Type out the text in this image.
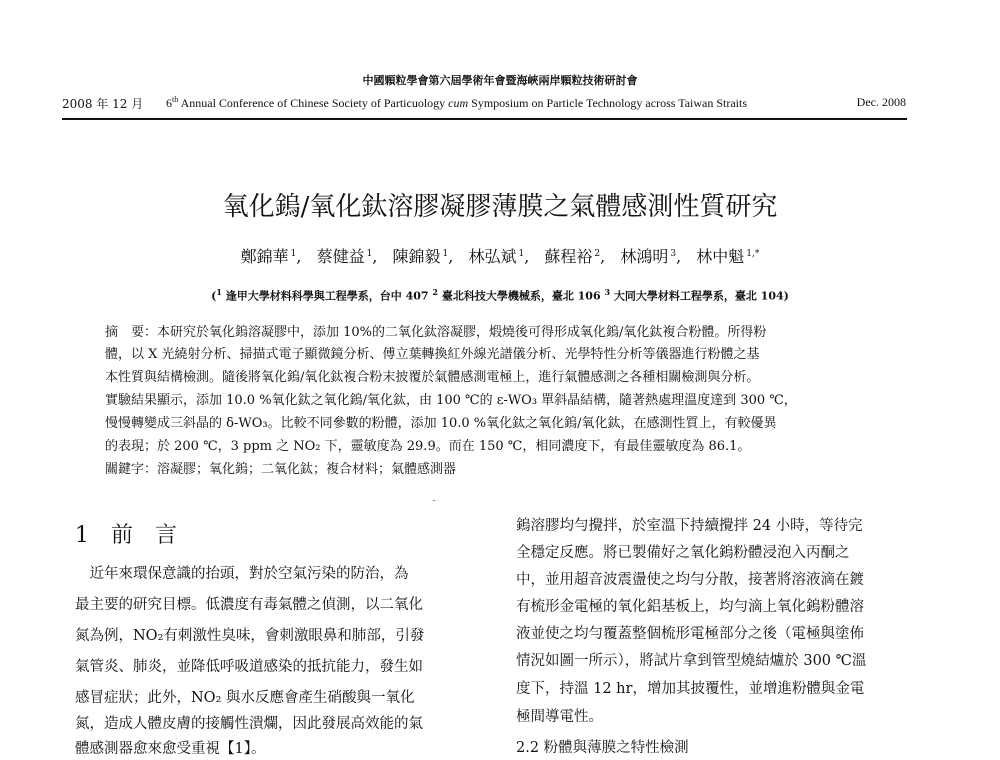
中國顆粒學會第六屆學術年會暨海峽兩岸顆粒技術研討會
2008 年 12 月 6th Annual Conference of Chinese Society of Particuology cum Symposium on Particle Technology across Taiwan Straits	Dec. 2008
氧化鎢/氧化鈦溶膠凝膠薄膜之氣體感測性質研究
鄭錦華 $^1$, 蔡健益 $^1$, 陳錦毅 $^1$, 林弘斌 $^1$, 蘇程裕 $^2$, 林鴻明 $^3$, 林中魁 $^{1,*}$
($^1$ 逢甲大學材料科學與工程學系，台中 407 $^2$ 臺北科技大學機械系，臺北 106 $^3$ 大同大學材料工程學系，臺北 104)
摘　要：本研究於氧化鎢溶凝膠中，添加 10%的二氧化鈦溶凝膠，煅燒後可得形成氧化鎢/氧化鈦複合粉體。所得粉
體，以 X 光繞射分析、掃描式電子顯微鏡分析、傅立葉轉換紅外線光譜儀分析、光學特性分析等儀器進行粉體之基
本性質與結構檢測。隨後將氧化鎢/氧化鈦複合粉末披覆於氣體感測電極上，進行氣體感測之各種相關檢測與分析。
實驗結果顯示，添加 10.0 %氧化鈦之氧化鎢/氧化鈦，由 100 ℃的 ε-WO₃ 單斜晶結構，隨著熱處理溫度達到 300 ℃，
慢慢轉變成三斜晶的 δ-WO₃。比較不同參數的粉體，添加 10.0 %氧化鈦之氧化鎢/氧化鈦，在感測性質上，有較優異
的表現；於 200 ℃，3 ppm 之 NO₂ 下，靈敏度為 29.9。而在 150 ℃，相同濃度下，有最佳靈敏度為 86.1。
關鍵字：溶凝膠；氧化鎢；二氧化鈦；複合材料；氣體感測器
1　前　言
　近年來環保意識的抬頭，對於空氣污染的防治，為
最主要的研究目標。低濃度有毒氣體之偵測，以二氧化
氮為例，NO₂有刺激性臭味，會刺激眼鼻和肺部，引發
氣管炎、肺炎，並降低呼吸道感染的抵抗能力，發生如
感冒症狀；此外，NO₂ 與水反應會產生硝酸與一氧化
氮，造成人體皮膚的接觸性潰爛，因此發展高效能的氣
體感測器愈來愈受重視【1】。
鎢溶膠均勻攪拌，於室溫下持續攪拌 24 小時，等待完
全穩定反應。將已製備好之氧化鎢粉體浸泡入丙酮之
中，並用超音波震盪使之均勻分散，接著將溶液滴在鍍
有梳形金電極的氧化鋁基板上，均勻滴上氧化鎢粉體溶
液並使之均勻覆蓋整個梳形電極部分之後（電極與塗佈
情況如圖一所示），將試片拿到管型燒結爐於 300 ℃溫
度下，持溫 12 hr，增加其披覆性，並增進粉體與金電
極間導電性。
2.2 粉體與薄膜之特性檢測
